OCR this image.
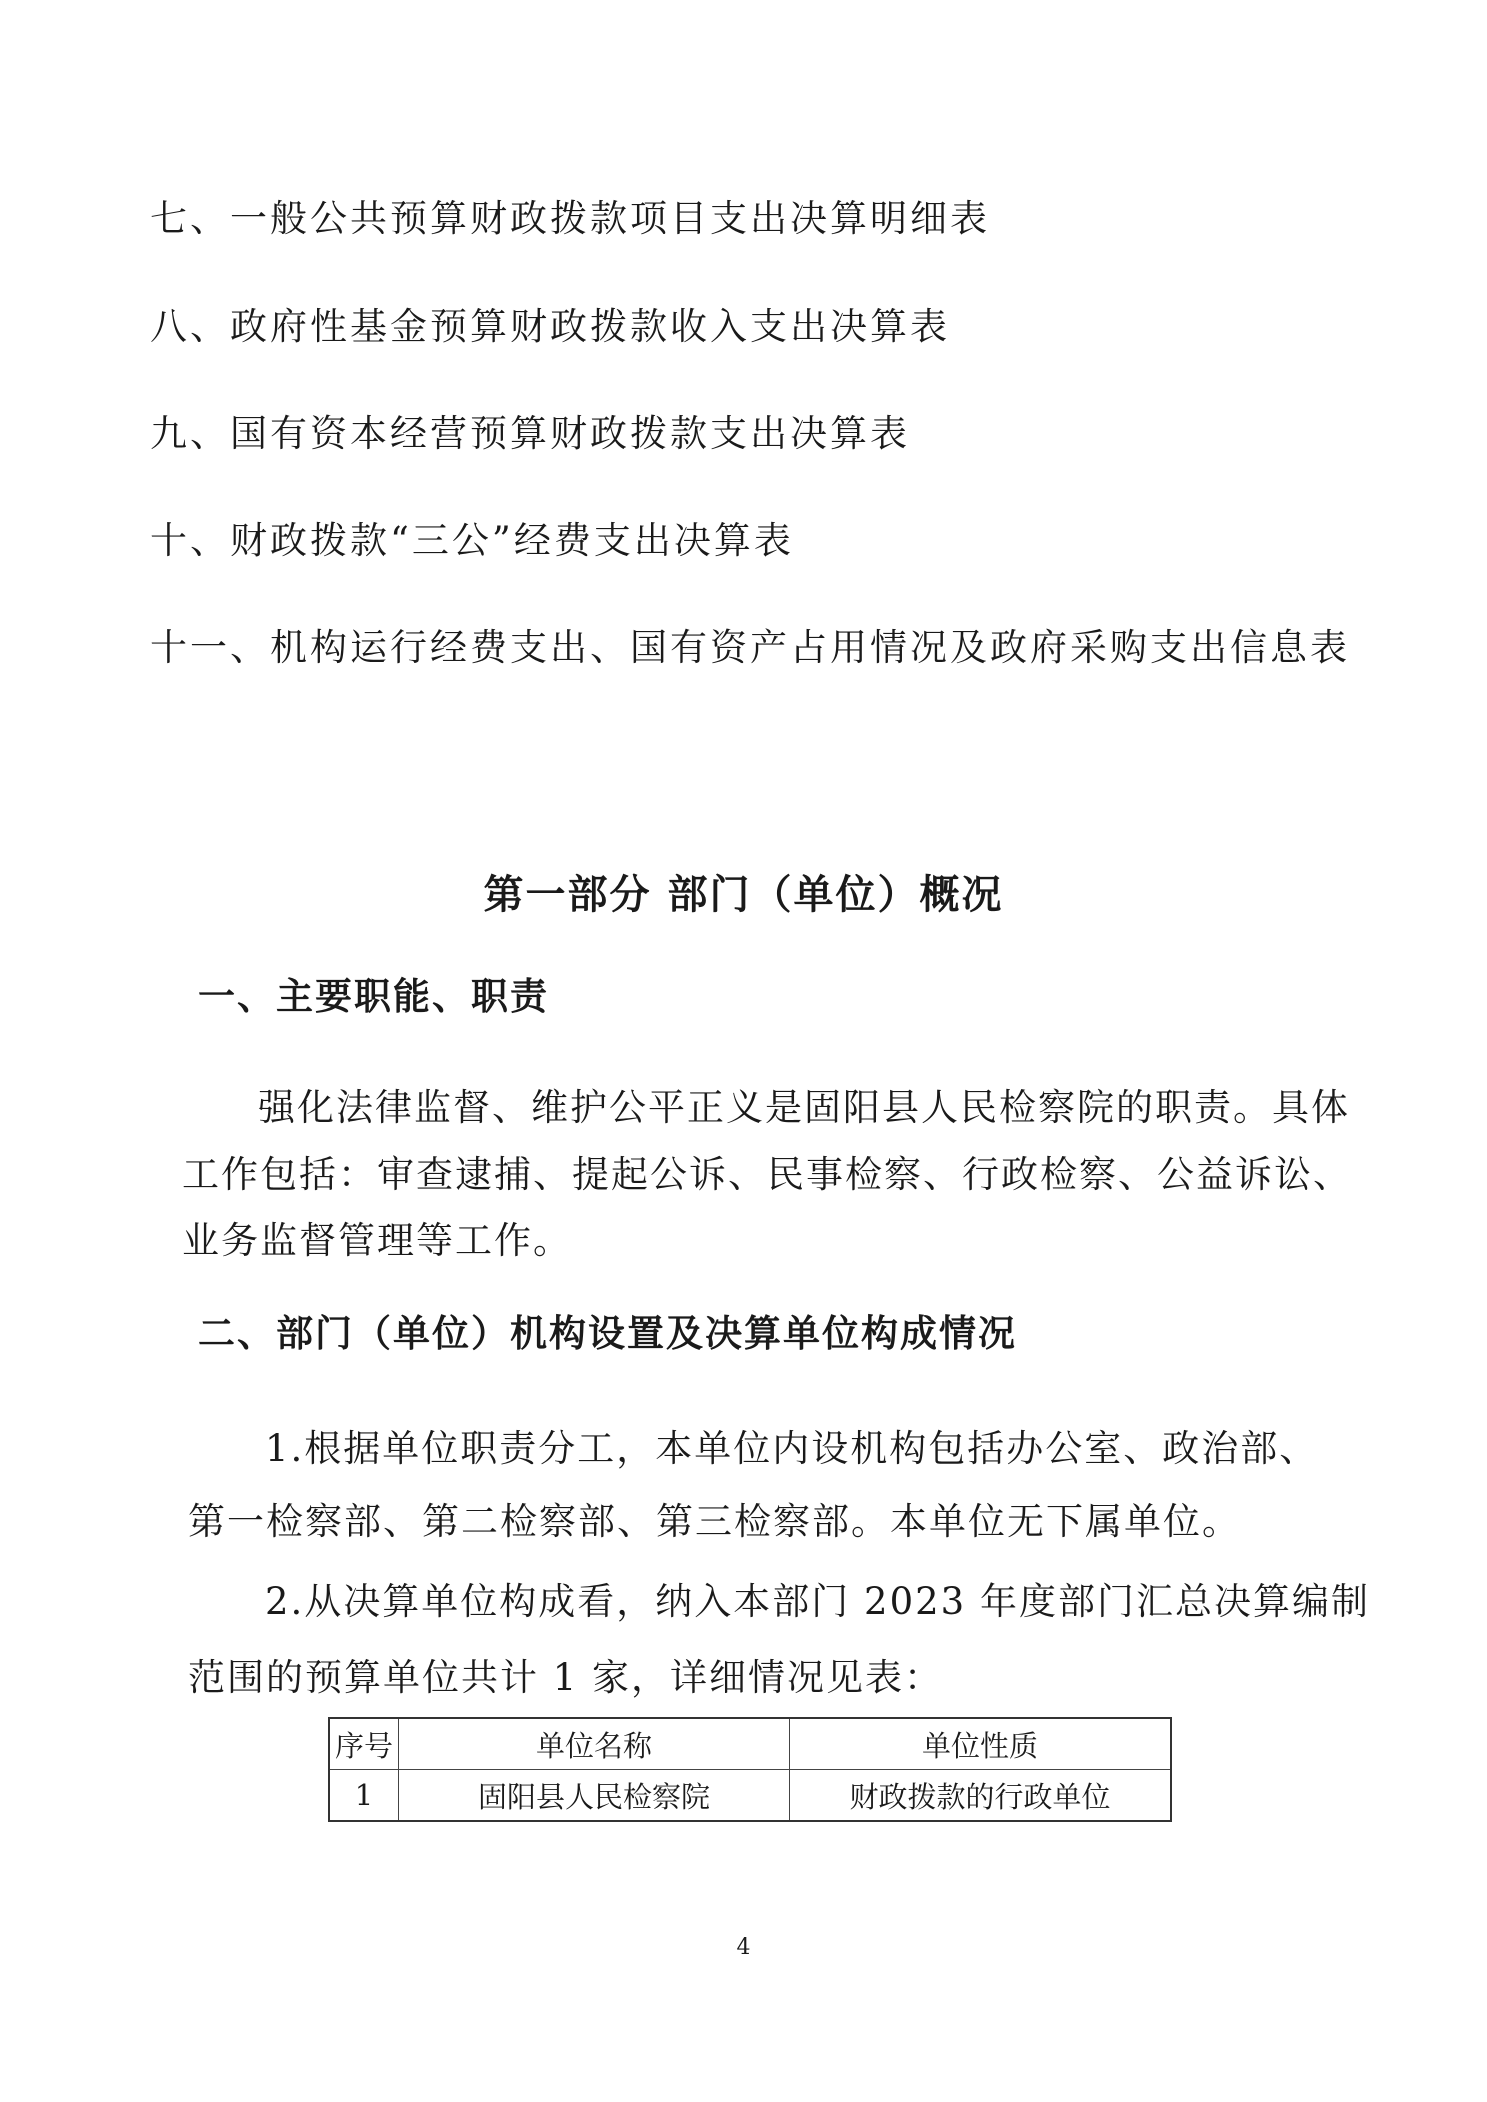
七、一般公共预算财政拨款项目支出决算明细表
八、政府性基金预算财政拨款收入支出决算表
九、国有资本经营预算财政拨款支出决算表
十、财政拨款“三公”经费支出决算表
十一、机构运行经费支出、国有资产占用情况及政府采购支出信息表
第一部分 部门（单位）概况
一、主要职能、职责
强化法律监督、维护公平正义是固阳县人民检察院的职责。具体
工作包括：审查逮捕、提起公诉、民事检察、行政检察、公益诉讼、
业务监督管理等工作。
二、部门（单位）机构设置及决算单位构成情况
1.根据单位职责分工，本单位内设机构包括办公室、政治部、
第一检察部、第二检察部、第三检察部。本单位无下属单位。
2.从决算单位构成看，纳入本部门 2023 年度部门汇总决算编制
范围的预算单位共计 1 家，详细情况见表：
序号	单位名称	单位性质
1	固阳县人民检察院	财政拨款的行政单位
4
